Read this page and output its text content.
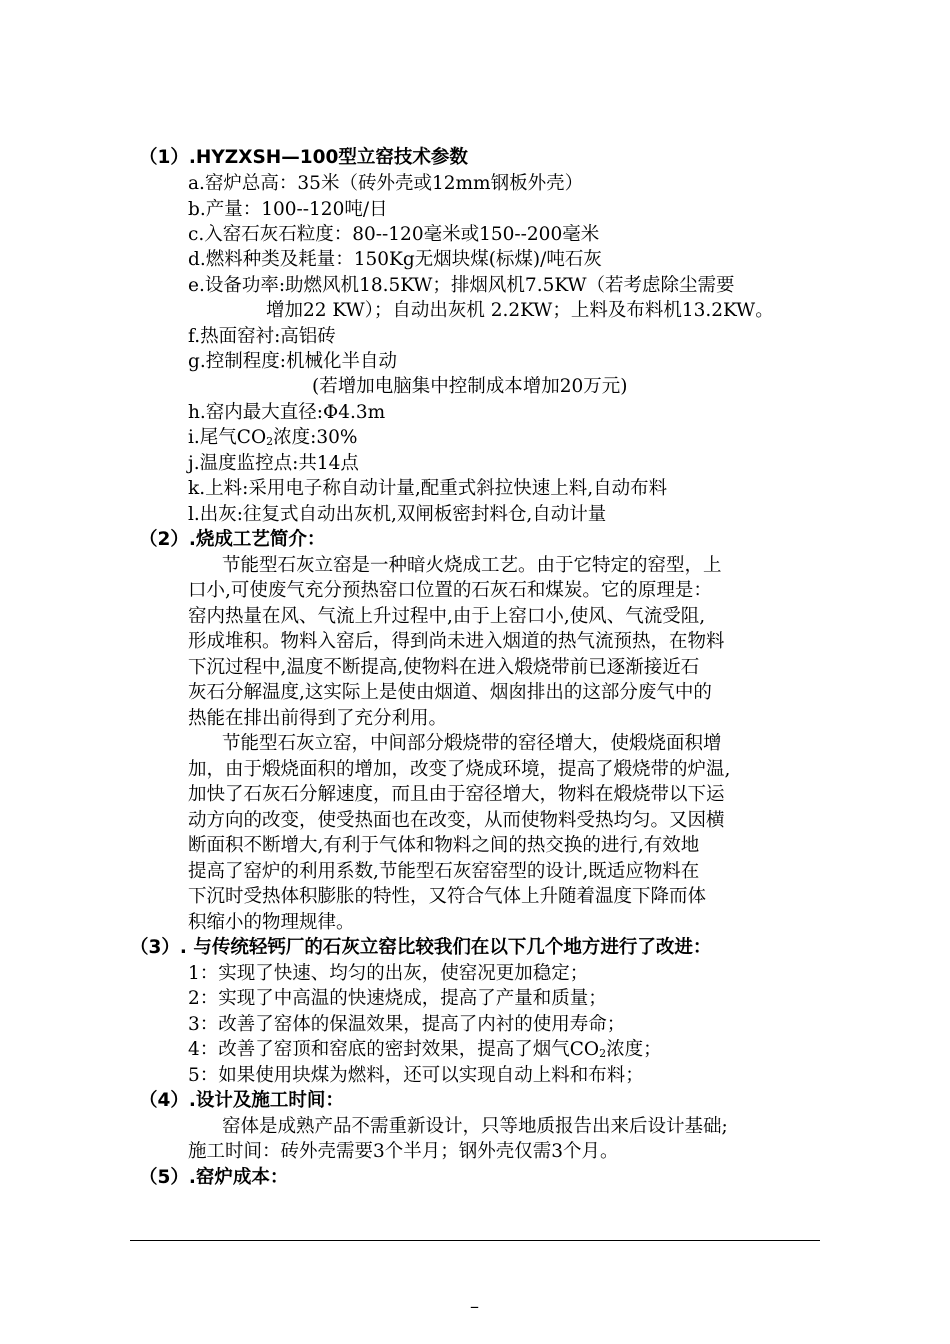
（1）.HYZXSH—100型立窑技术参数
a.窑炉总高：35米（砖外壳或12mm钢板外壳）
b.产量：100--120吨/日
c.入窑石灰石粒度：80--120毫米或150--200毫米
d.燃料种类及耗量：150Kg无烟块煤(标煤)/吨石灰
e.设备功率:助燃风机18.5KW；排烟风机7.5KW（若考虑除尘需要
增加22 KW）；自动出灰机 2.2KW；上料及布料机13.2KW。
f.热面窑衬:高铝砖
g.控制程度:机械化半自动
(若增加电脑集中控制成本增加20万元)
h.窑内最大直径:Φ4.3m
i.尾气$CO_2$浓度:30%
j.温度监控点:共14点
k.上料:采用电子称自动计量,配重式斜拉快速上料,自动布料
l.出灰:往复式自动出灰机,双闸板密封料仓,自动计量
（2）.烧成工艺简介：
节能型石灰立窑是一种暗火烧成工艺。由于它特定的窑型，上
口小,可使废气充分预热窑口位置的石灰石和煤炭。它的原理是：
窑内热量在风、气流上升过程中,由于上窑口小,使风、气流受阻,
形成堆积。物料入窑后，得到尚未进入烟道的热气流预热，在物料
下沉过程中,温度不断提高,使物料在进入煅烧带前已逐渐接近石
灰石分解温度,这实际上是使由烟道、烟囱排出的这部分废气中的
热能在排出前得到了充分利用。
节能型石灰立窑，中间部分煅烧带的窑径增大，使煅烧面积增
加，由于煅烧面积的增加，改变了烧成环境，提高了煅烧带的炉温,
加快了石灰石分解速度，而且由于窑径增大，物料在煅烧带以下运
动方向的改变，使受热面也在改变，从而使物料受热均匀。又因横
断面积不断增大,有利于气体和物料之间的热交换的进行,有效地
提高了窑炉的利用系数,节能型石灰窑窑型的设计,既适应物料在
下沉时受热体积膨胀的特性，又符合气体上升随着温度下降而体
积缩小的物理规律。
（3）. 与传统轻钙厂的石灰立窑比较我们在以下几个地方进行了改进：
1：实现了快速、均匀的出灰，使窑况更加稳定；
2：实现了中高温的快速烧成，提高了产量和质量；
3：改善了窑体的保温效果，提高了内衬的使用寿命；
4：改善了窑顶和窑底的密封效果，提高了烟气$CO_2$浓度；
5：如果使用块煤为燃料，还可以实现自动上料和布料；
（4）.设计及施工时间：
窑体是成熟产品不需重新设计，只等地质报告出来后设计基础;
施工时间：砖外壳需要3个半月；钢外壳仅需3个月。
（5）.窑炉成本：
–
